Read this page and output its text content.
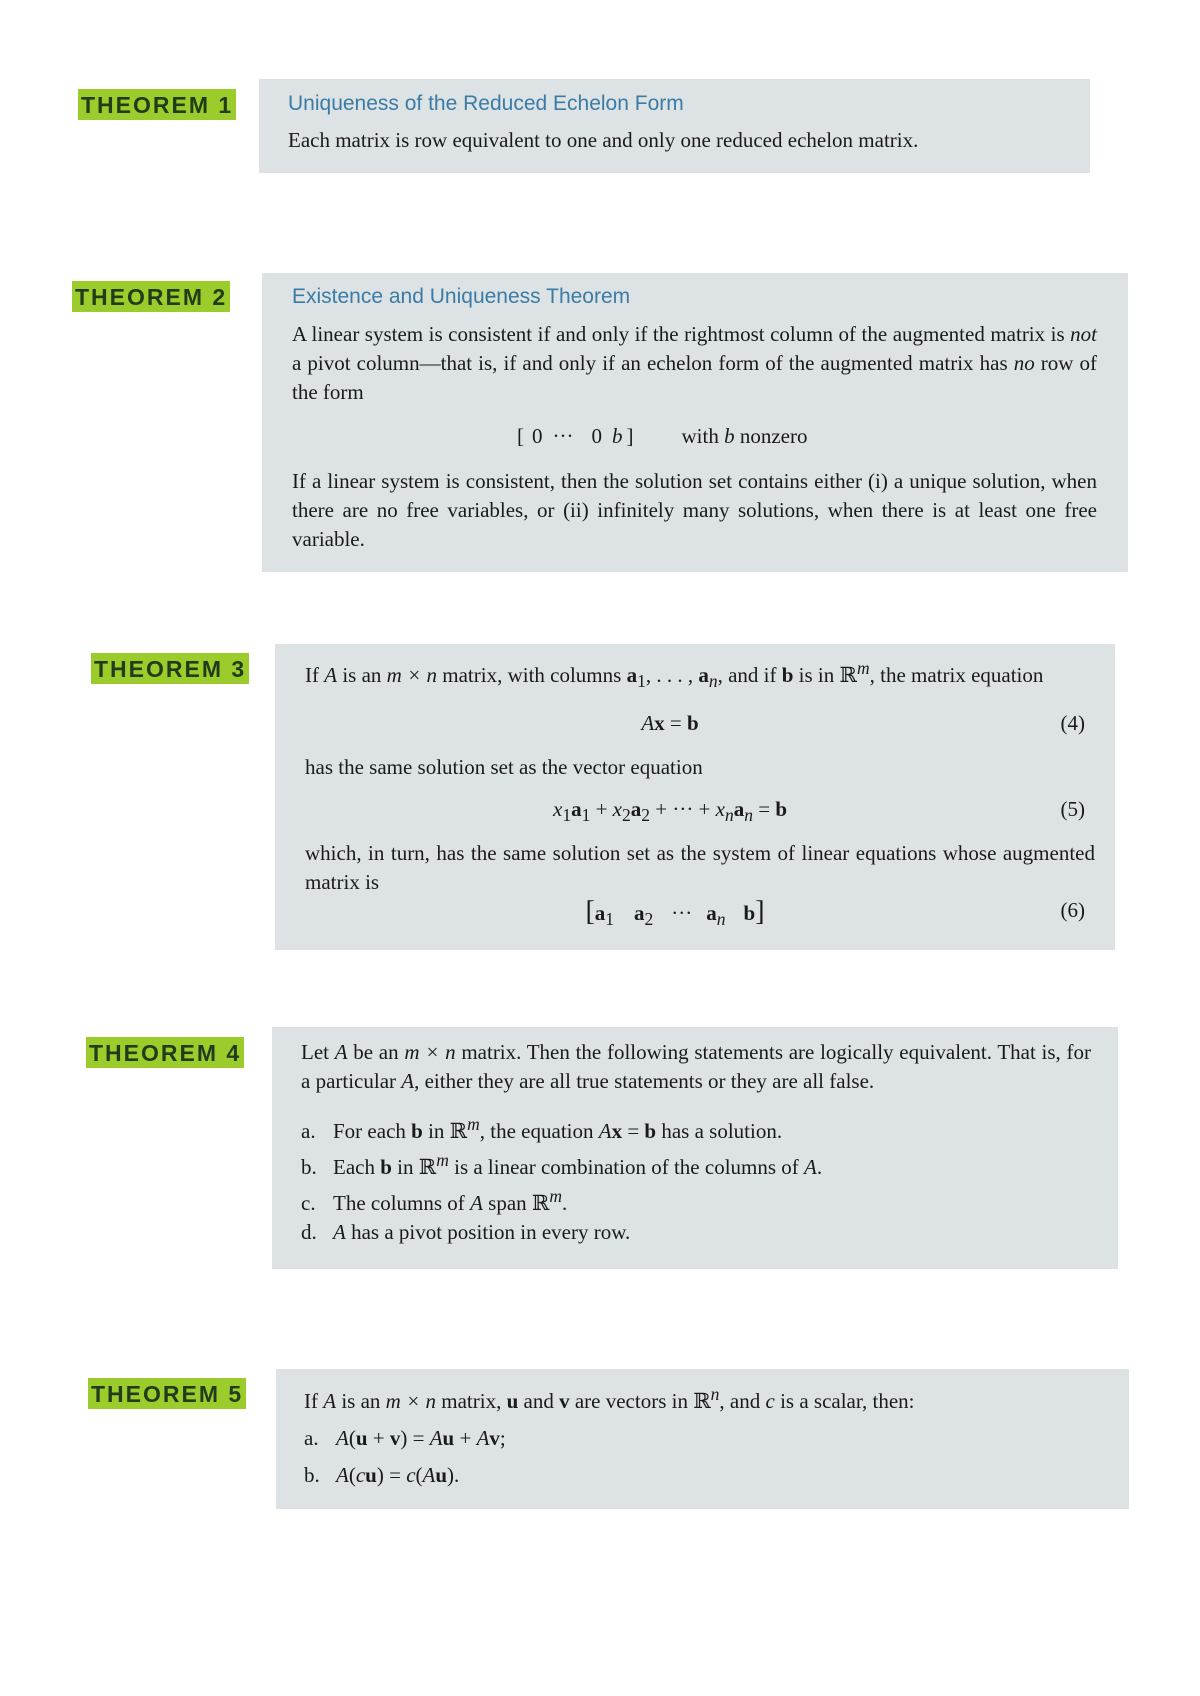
THEOREM 1	Uniqueness of the Reduced Echelon Form
Each matrix is row equivalent to one and only one reduced echelon matrix.
THEOREM 2	Existence and Uniqueness Theorem
A linear system is consistent if and only if the rightmost column of the augmented matrix is not a pivot column—that is, if and only if an echelon form of the augmented matrix has no row of the form
[ 0 ··· 0 b ] with b nonzero
If a linear system is consistent, then the solution set contains either (i) a unique solution, when there are no free variables, or (ii) infinitely many solutions, when there is at least one free variable.
THEOREM 3	If A is an m × n matrix, with columns $a_1$, . . . , $a_n$, and if b is in ℝ$^m$, the matrix equation
Ax = b	(4)
has the same solution set as the vector equation
$x_1a_1 + x_2a_2$ + ··· + $x_na_n = b$	(5)
which, in turn, has the same solution set as the system of linear equations whose augmented matrix is
[$a_1$ $a_2$ ··· $a_n$ b]	(6)
THEOREM 4	Let A be an m × n matrix. Then the following statements are logically equivalent. That is, for a particular A, either they are all true statements or they are all false.
a. For each b in ℝ$^m$, the equation Ax = b has a solution.
b. Each b in ℝ$^m$ is a linear combination of the columns of A.
c. The columns of A span ℝ$^m$.
d. A has a pivot position in every row.
THEOREM 5	If A is an m × n matrix, u and v are vectors in ℝ$^n$, and c is a scalar, then:
a. A(u + v) = Au + Av;
b. A(cu) = c(Au).
